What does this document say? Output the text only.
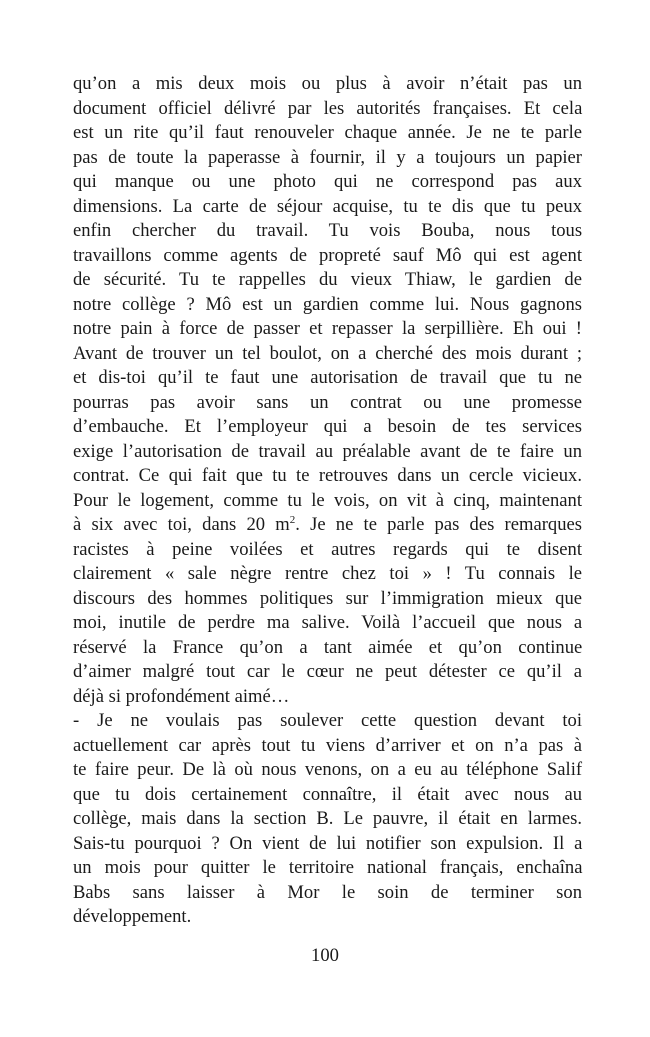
qu’on a mis deux mois ou plus à avoir n’était pas un
document officiel délivré par les autorités françaises. Et cela
est un rite qu’il faut renouveler chaque année. Je ne te parle
pas de toute la paperasse à fournir, il y a toujours un papier
qui manque ou une photo qui ne correspond pas aux
dimensions. La carte de séjour acquise, tu te dis que tu peux
enfin chercher du travail. Tu vois Bouba, nous tous
travaillons comme agents de propreté sauf Mô qui est agent
de sécurité. Tu te rappelles du vieux Thiaw, le gardien de
notre collège ? Mô est un gardien comme lui. Nous gagnons
notre pain à force de passer et repasser la serpillière. Eh oui !
Avant de trouver un tel boulot, on a cherché des mois durant ;
et dis-toi qu’il te faut une autorisation de travail que tu ne
pourras pas avoir sans un contrat ou une promesse
d’embauche. Et l’employeur qui a besoin de tes services
exige l’autorisation de travail au préalable avant de te faire un
contrat. Ce qui fait que tu te retrouves dans un cercle vicieux.
Pour le logement, comme tu le vois, on vit à cinq, maintenant
à six avec toi, dans 20 $m^2$. Je ne te parle pas des remarques
racistes à peine voilées et autres regards qui te disent
clairement « sale nègre rentre chez toi » ! Tu connais le
discours des hommes politiques sur l’immigration mieux que
moi, inutile de perdre ma salive. Voilà l’accueil que nous a
réservé la France qu’on a tant aimée et qu’on continue
d’aimer malgré tout car le cœur ne peut détester ce qu’il a
déjà si profondément aimé…
- Je ne voulais pas soulever cette question devant toi
actuellement car après tout tu viens d’arriver et on n’a pas à
te faire peur. De là où nous venons, on a eu au téléphone Salif
que tu dois certainement connaître, il était avec nous au
collège, mais dans la section B. Le pauvre, il était en larmes.
Sais-tu pourquoi ? On vient de lui notifier son expulsion. Il a
un mois pour quitter le territoire national français, enchaîna
Babs sans laisser à Mor le soin de terminer son
développement.
100
